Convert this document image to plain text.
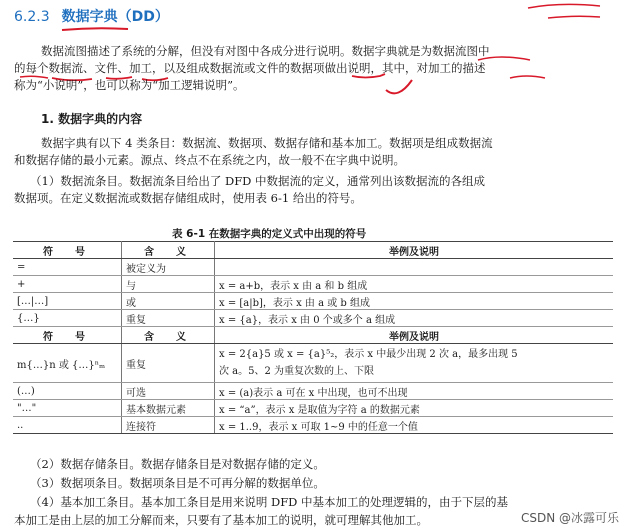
6.2.3 数据字典（DD）
数据流图描述了系统的分解，但没有对图中各成分进行说明。数据字典就是为数据流图中
的每个数据流、文件、加工，以及组成数据流或文件的数据项做出说明，其中，对加工的描述
称为“小说明”，也可以称为“加工逻辑说明”。
1. 数据字典的内容
数据字典有以下 4 类条目：数据流、数据项、数据存储和基本加工。数据项是组成数据流
和数据存储的最小元素。源点、终点不在系统之内，故一般不在字典中说明。
（1）数据流条目。数据流条目给出了 DFD 中数据流的定义，通常列出该数据流的各组成
数据项。在定义数据流或数据存储组成时，使用表 6-1 给出的符号。
表 6-1 在数据字典的定义式中出现的符号
符　号	含　义	举例及说明
=	被定义为	
+	与	x = a+b，表示 x 由 a 和 b 组成
[…|…]	或	x = [a|b]，表示 x 由 a 或 b 组成
{…}	重复	x = {a}，表示 x 由 0 个或多个 a 组成
符　号	含　义	举例及说明
m{…}n 或 {…}ⁿₘ	重复	x = 2{a}5 或 x = {a}⁵₂，表示 x 中最少出现 2 次 a，最多出现 5
次 a。5、2 为重复次数的上、下限

(…)	可选	x = (a)表示 a 可在 x 中出现，也可不出现
"…"	基本数据元素	x = “a”，表示 x 是取值为字符 a 的数据元素
..	连接符	x = 1..9，表示 x 可取 1~9 中的任意一个值
（2）数据存储条目。数据存储条目是对数据存储的定义。
（3）数据项条目。数据项条目是不可再分解的数据单位。
（4）基本加工条目。基本加工条目是用来说明 DFD 中基本加工的处理逻辑的，由于下层的基
本加工是由上层的加工分解而来，只要有了基本加工的说明，就可理解其他加工。	CSDN @冰露可乐
